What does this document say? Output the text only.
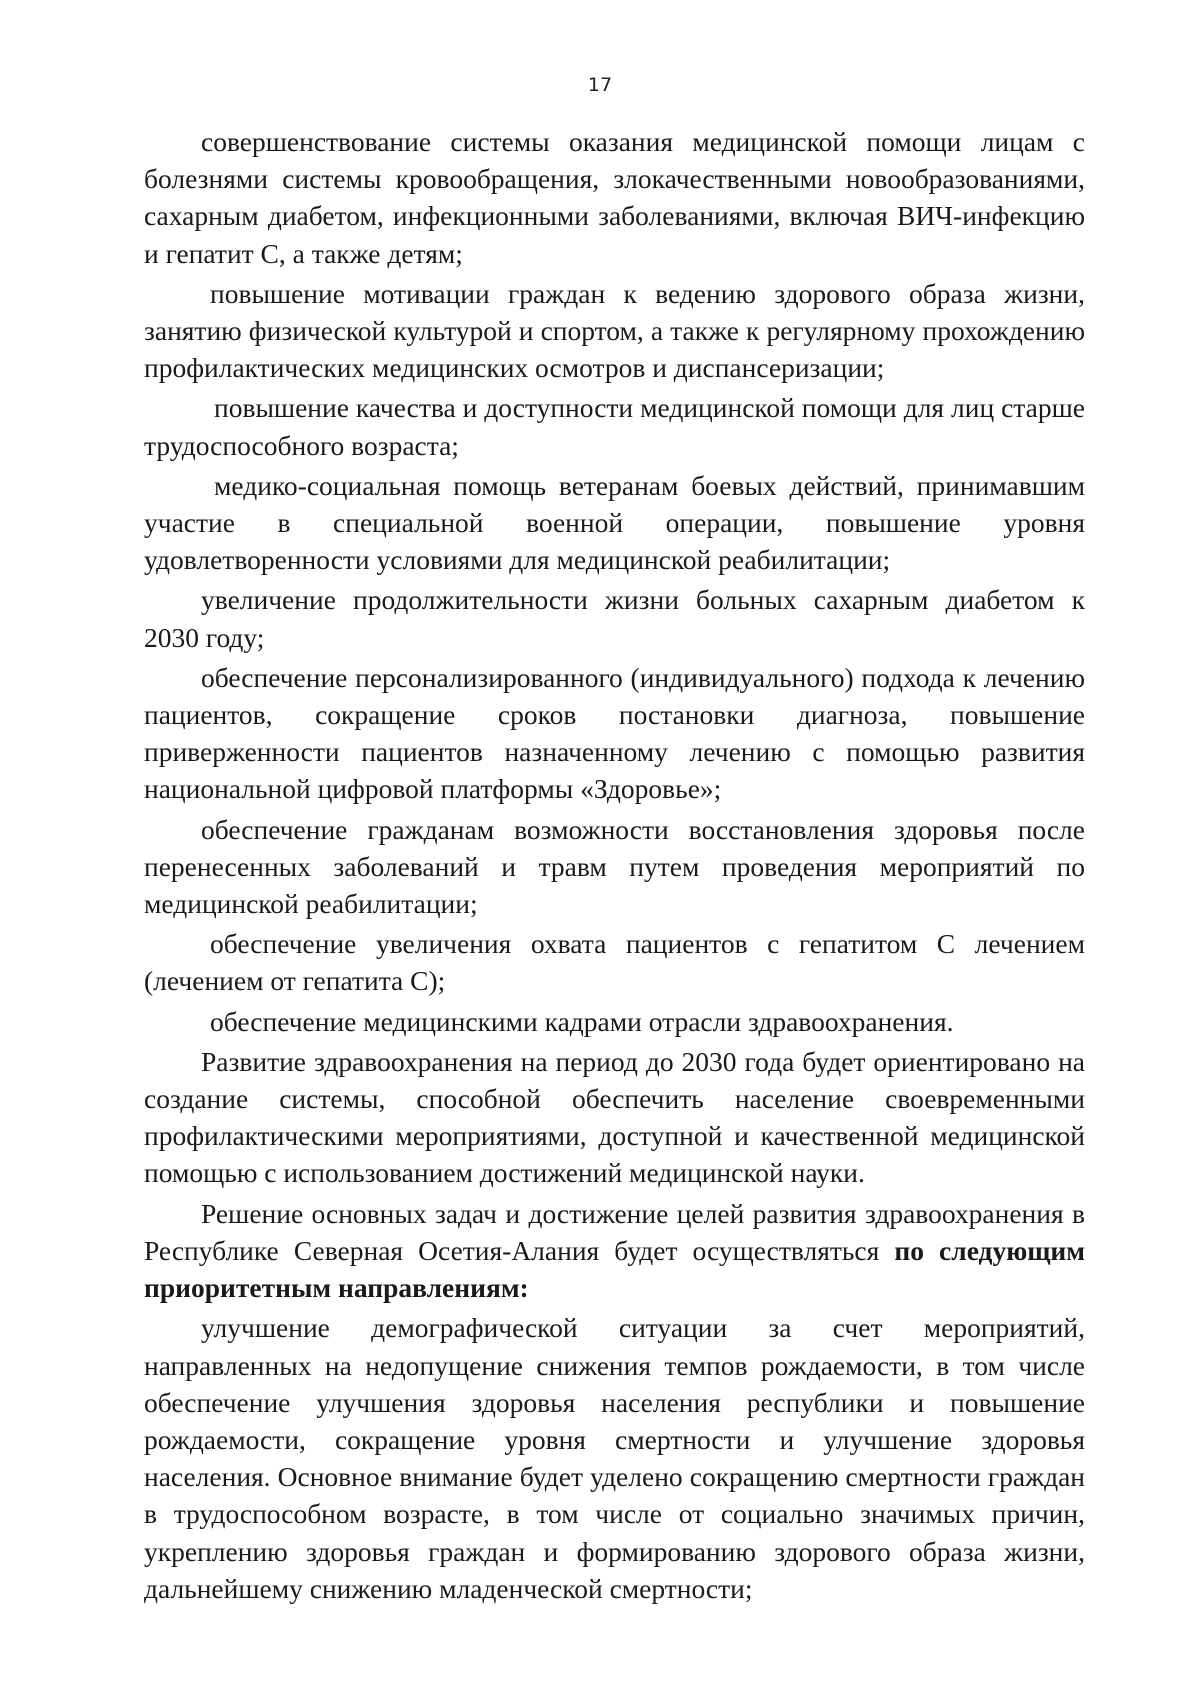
17

совершенствование системы оказания медицинской помощи лицам с болезнями системы кровообращения, злокачественными новообразованиями, сахарным диабетом, инфекционными заболеваниями, включая ВИЧ-инфекцию и гепатит С, а также детям;

повышение мотивации граждан к ведению здорового образа жизни, занятию физической культурой и спортом, а также к регулярному прохождению профилактических медицинских осмотров и диспансеризации;

повышение качества и доступности медицинской помощи для лиц старше трудоспособного возраста;

медико-социальная помощь ветеранам боевых действий, принимавшим участие в специальной военной операции, повышение уровня удовлетворенности условиями для медицинской реабилитации;

увеличение продолжительности жизни больных сахарным диабетом к 2030 году;

обеспечение персонализированного (индивидуального) подхода к лечению пациентов, сокращение сроков постановки диагноза, повышение приверженности пациентов назначенному лечению с помощью развития национальной цифровой платформы «Здоровье»;

обеспечение гражданам возможности восстановления здоровья после перенесенных заболеваний и травм путем проведения мероприятий по медицинской реабилитации;

обеспечение увеличения охвата пациентов с гепатитом С лечением (лечением от гепатита С);

обеспечение медицинскими кадрами отрасли здравоохранения.

Развитие здравоохранения на период до 2030 года будет ориентировано на создание системы, способной обеспечить население своевременными профилактическими мероприятиями, доступной и качественной медицинской помощью с использованием достижений медицинской науки.

Решение основных задач и достижение целей развития здравоохранения в Республике Северная Осетия-Алания будет осуществляться по следующим приоритетным направлениям:

улучшение демографической ситуации за счет мероприятий, направленных на недопущение снижения темпов рождаемости, в том числе обеспечение улучшения здоровья населения республики и повышение рождаемости, сокращение уровня смертности и улучшение здоровья населения. Основное внимание будет уделено сокращению смертности граждан в трудоспособном возрасте, в том числе от социально значимых причин, укреплению здоровья граждан и формированию здорового образа жизни, дальнейшему снижению младенческой смертности;
